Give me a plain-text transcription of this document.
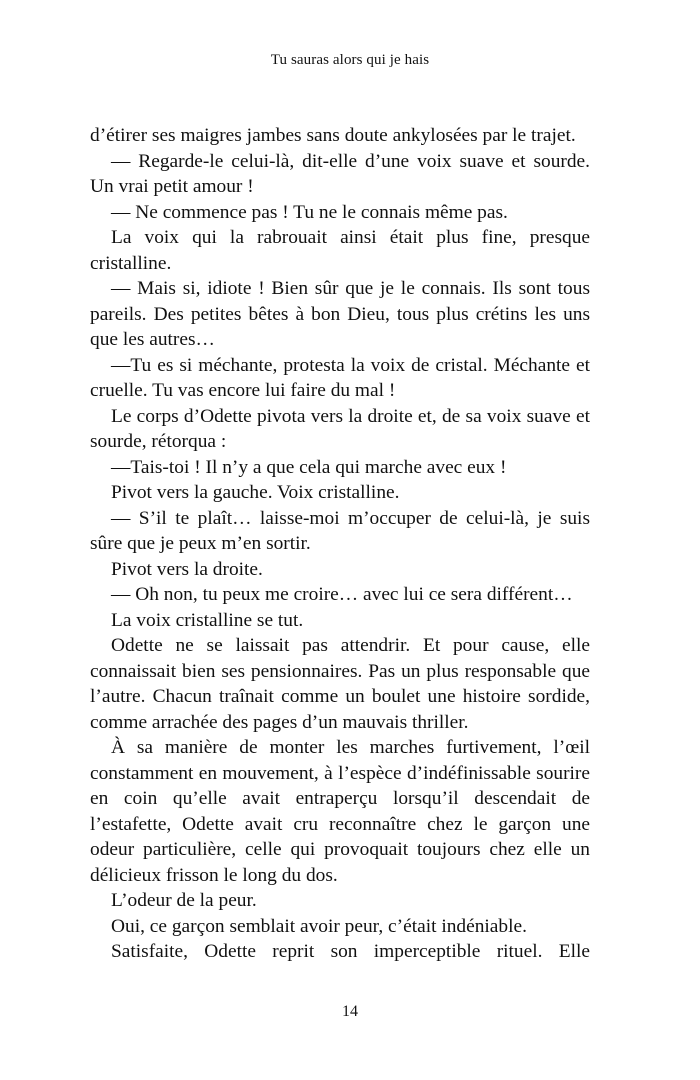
Tu sauras alors qui je hais

d’étirer ses maigres jambes sans doute ankylosées par le trajet.

— Regarde-le celui-là, dit-elle d’une voix suave et sourde. Un vrai petit amour !

— Ne commence pas ! Tu ne le connais même pas.

La voix qui la rabrouait ainsi était plus fine, presque cristalline.

— Mais si, idiote ! Bien sûr que je le connais. Ils sont tous pareils. Des petites bêtes à bon Dieu, tous plus crétins les uns que les autres…

—Tu es si méchante, protesta la voix de cristal. Méchante et cruelle. Tu vas encore lui faire du mal !

Le corps d’Odette pivota vers la droite et, de sa voix suave et sourde, rétorqua :

—Tais-toi ! Il n’y a que cela qui marche avec eux !

Pivot vers la gauche. Voix cristalline.

— S’il te plaît… laisse-moi m’occuper de celui-là, je suis sûre que je peux m’en sortir.

Pivot vers la droite.

— Oh non, tu peux me croire… avec lui ce sera différent…

La voix cristalline se tut.

Odette ne se laissait pas attendrir. Et pour cause, elle connaissait bien ses pensionnaires. Pas un plus responsable que l’autre. Chacun traînait comme un boulet une histoire sordide, comme arrachée des pages d’un mauvais thriller.

À sa manière de monter les marches furtivement, l’œil constamment en mouvement, à l’espèce d’indéfinissable sourire en coin qu’elle avait entraperçu lorsqu’il descendait de l’estafette, Odette avait cru reconnaître chez le garçon une odeur particulière, celle qui provoquait toujours chez elle un délicieux frisson le long du dos.

L’odeur de la peur.

Oui, ce garçon semblait avoir peur, c’était indéniable.

Satisfaite, Odette reprit son imperceptible rituel. Elle

14
